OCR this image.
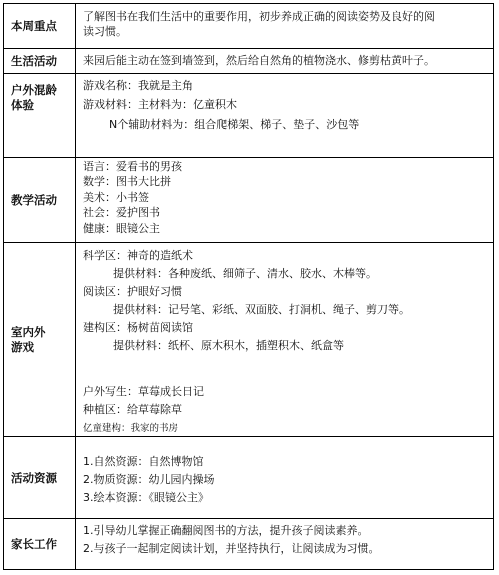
本周重点

了解图书在我们生活中的重要作用，初步养成正确的阅读姿势及良好的阅

读习惯。

生活活动 来园后能主动在签到墙签到，然后给自然角的植物浇水、修剪枯黄叶子。

户外混龄
体验

游戏名称：我就是主角

游戏材料：主材料为：亿童积木

N个辅助材料为：组合爬梯架、梯子、垫子、沙包等

教学活动

语言：爱看书的男孩

数学：图书大比拼

美术：小书签

社会：爱护图书

健康：眼镜公主

室内外
游戏

科学区：神奇的造纸术

提供材料：各种废纸、细筛子、清水、胶水、木棒等。

阅读区：护眼好习惯

提供材料：记号笔、彩纸、双面胶、打洞机、绳子、剪刀等。

建构区：杨树苗阅读馆

提供材料：纸杯、原木积木，插塑积木、纸盒等

户外写生：草莓成长日记

种植区：给草莓除草

亿童建构：我家的书房

活动资源

1.自然资源：自然博物馆

2.物质资源：幼儿园内操场

3.绘本资源：《眼镜公主》

家长工作

1.引导幼儿掌握正确翻阅图书的方法，提升孩子阅读素养。

2.与孩子一起制定阅读计划，并坚持执行，让阅读成为习惯。
